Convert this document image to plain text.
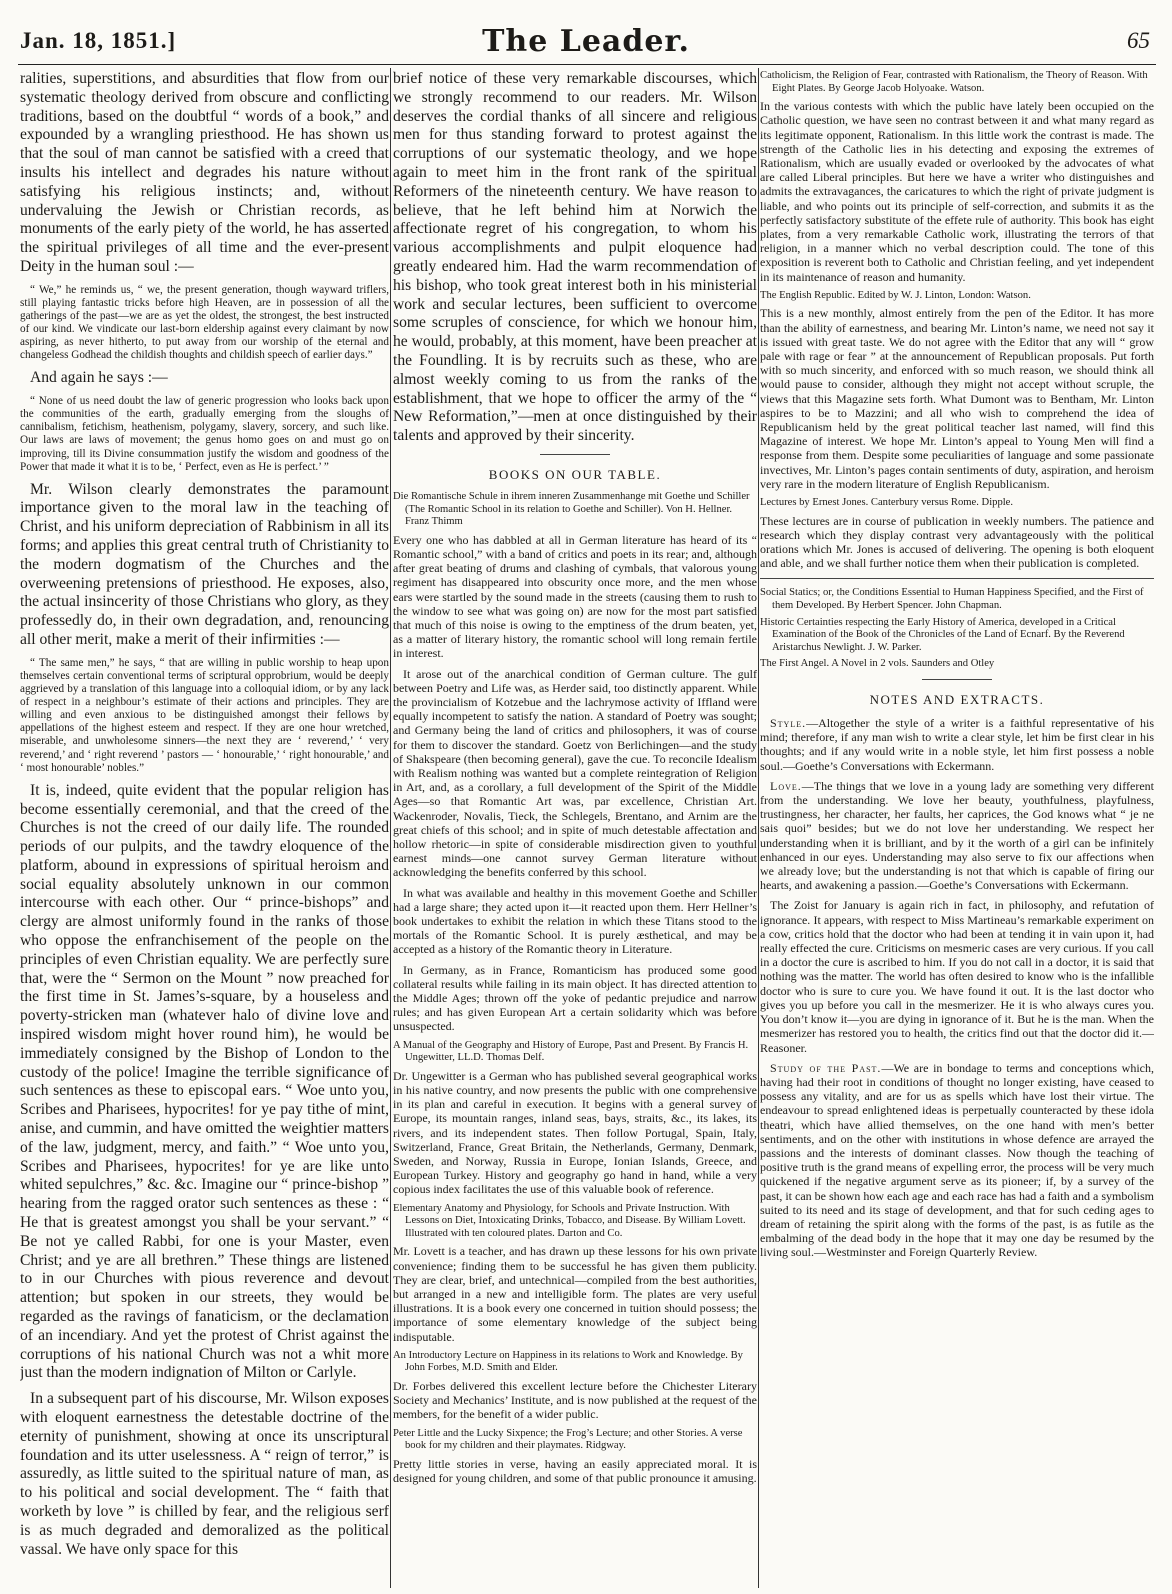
Jan. 18, 1851.]	The Leader.	65

ralities, superstitions, and absurdities that flow from our systematic theology derived from obscure and conflicting traditions, based on the doubtful “ words of a book,” and expounded by a wrangling priesthood. He has shown us that the soul of man cannot be satisfied with a creed that insults his intellect and degrades his nature without satisfying his religious instincts; and, without undervaluing the Jewish or Christian records, as monuments of the early piety of the world, he has asserted the spiritual privileges of all time and the ever-present Deity in the human soul :—

“ We,” he reminds us, “ we, the present generation, though wayward triflers, still playing fantastic tricks before high Heaven, are in possession of all the gatherings of the past—we are as yet the oldest, the strongest, the best instructed of our kind. We vindicate our last-born eldership against every claimant by now aspiring, as never hitherto, to put away from our worship of the eternal and changeless Godhead the childish thoughts and childish speech of earlier days.”

And again he says :—

“ None of us need doubt the law of generic progression who looks back upon the communities of the earth, gradually emerging from the sloughs of cannibalism, fetichism, heathenism, polygamy, slavery, sorcery, and such like. Our laws are laws of movement; the genus homo goes on and must go on improving, till its Divine consummation justify the wisdom and goodness of the Power that made it what it is to be, ‘ Perfect, even as He is perfect.’ ”

Mr. Wilson clearly demonstrates the paramount importance given to the moral law in the teaching of Christ, and his uniform depreciation of Rabbinism in all its forms; and applies this great central truth of Christianity to the modern dogmatism of the Churches and the overweening pretensions of priesthood. He exposes, also, the actual insincerity of those Christians who glory, as they professedly do, in their own degradation, and, renouncing all other merit, make a merit of their infirmities :—

“ The same men,” he says, “ that are willing in public worship to heap upon themselves certain conventional terms of scriptural opprobrium, would be deeply aggrieved by a translation of this language into a colloquial idiom, or by any lack of respect in a neighbour’s estimate of their actions and principles. They are willing and even anxious to be distinguished amongst their fellows by appellations of the highest esteem and respect. If they are one hour wretched, miserable, and unwholesome sinners—the next they are ‘ reverend,’ ‘ very reverend,’ and ‘ right reverend ’ pastors — ‘ honourable,’ ‘ right honourable,’ and ‘ most honourable’ nobles.”

It is, indeed, quite evident that the popular religion has become essentially ceremonial, and that the creed of the Churches is not the creed of our daily life. The rounded periods of our pulpits, and the tawdry eloquence of the platform, abound in expressions of spiritual heroism and social equality absolutely unknown in our common intercourse with each other. Our “ prince-bishops” and clergy are almost uniformly found in the ranks of those who oppose the enfranchisement of the people on the principles of even Christian equality. We are perfectly sure that, were the “ Sermon on the Mount ” now preached for the first time in St. James’s-square, by a houseless and poverty-stricken man (whatever halo of divine love and inspired wisdom might hover round him), he would be immediately consigned by the Bishop of London to the custody of the police! Imagine the terrible significance of such sentences as these to episcopal ears. “ Woe unto you, Scribes and Pharisees, hypocrites! for ye pay tithe of mint, anise, and cummin, and have omitted the weightier matters of the law, judgment, mercy, and faith.” “ Woe unto you, Scribes and Pharisees, hypocrites! for ye are like unto whited sepulchres,” &c. &c. Imagine our “ prince-bishop ” hearing from the ragged orator such sentences as these : “ He that is greatest amongst you shall be your servant.” “ Be not ye called Rabbi, for one is your Master, even Christ; and ye are all brethren.” These things are listened to in our Churches with pious reverence and devout attention; but spoken in our streets, they would be regarded as the ravings of fanaticism, or the declamation of an incendiary. And yet the protest of Christ against the corruptions of his national Church was not a whit more just than the modern indignation of Milton or Carlyle.

In a subsequent part of his discourse, Mr. Wilson exposes with eloquent earnestness the detestable doctrine of the eternity of punishment, showing at once its unscriptural foundation and its utter uselessness. A “ reign of terror,” is assuredly, as little suited to the spiritual nature of man, as to his political and social development. The “ faith that worketh by love ” is chilled by fear, and the religious serf is as much degraded and demoralized as the political vassal. We have only space for this

brief notice of these very remarkable discourses, which we strongly recommend to our readers. Mr. Wilson deserves the cordial thanks of all sincere and religious men for thus standing forward to protest against the corruptions of our systematic theology, and we hope again to meet him in the front rank of the spiritual Reformers of the nineteenth century. We have reason to believe, that he left behind him at Norwich the affectionate regret of his congregation, to whom his various accomplishments and pulpit eloquence had greatly endeared him. Had the warm recommendation of his bishop, who took great interest both in his ministerial work and secular lectures, been sufficient to overcome some scruples of conscience, for which we honour him, he would, probably, at this moment, have been preacher at the Foundling. It is by recruits such as these, who are almost weekly coming to us from the ranks of the establishment, that we hope to officer the army of the “ New Reformation,”—men at once distinguished by their talents and approved by their sincerity.

BOOKS ON OUR TABLE.

Die Romantische Schule in ihrem inneren Zusammenhange mit Goethe und Schiller (The Romantic School in its relation to Goethe and Schiller). Von H. Hellner. Franz Thimm

Every one who has dabbled at all in German literature has heard of its “ Romantic school,” with a band of critics and poets in its rear; and, although after great beating of drums and clashing of cymbals, that valorous young regiment has disappeared into obscurity once more, and the men whose ears were startled by the sound made in the streets (causing them to rush to the window to see what was going on) are now for the most part satisfied that much of this noise is owing to the emptiness of the drum beaten, yet, as a matter of literary history, the romantic school will long remain fertile in interest.

It arose out of the anarchical condition of German culture. The gulf between Poetry and Life was, as Herder said, too distinctly apparent. While the provincialism of Kotzebue and the lachrymose activity of Iffland were equally incompetent to satisfy the nation. A standard of Poetry was sought; and Germany being the land of critics and philosophers, it was of course for them to discover the standard. Goetz von Berlichingen—and the study of Shakspeare (then becoming general), gave the cue. To reconcile Idealism with Realism nothing was wanted but a complete reintegration of Religion in Art, and, as a corollary, a full development of the Spirit of the Middle Ages—so that Romantic Art was, par excellence, Christian Art. Wackenroder, Novalis, Tieck, the Schlegels, Brentano, and Arnim are the great chiefs of this school; and in spite of much detestable affectation and hollow rhetoric—in spite of considerable misdirection given to youthful earnest minds—one cannot survey German literature without acknowledging the benefits conferred by this school.

In what was available and healthy in this movement Goethe and Schiller had a large share; they acted upon it—it reacted upon them. Herr Hellner’s book undertakes to exhibit the relation in which these Titans stood to the mortals of the Romantic School. It is purely æsthetical, and may be accepted as a history of the Romantic theory in Literature.

In Germany, as in France, Romanticism has produced some good collateral results while failing in its main object. It has directed attention to the Middle Ages; thrown off the yoke of pedantic prejudice and narrow rules; and has given European Art a certain solidarity which was before unsuspected.

A Manual of the Geography and History of Europe, Past and Present. By Francis H. Ungewitter, LL.D. Thomas Delf.

Dr. Ungewitter is a German who has published several geographical works in his native country, and now presents the public with one comprehensive in its plan and careful in execution. It begins with a general survey of Europe, its mountain ranges, inland seas, bays, straits, &c., its lakes, its rivers, and its independent states. Then follow Portugal, Spain, Italy, Switzerland, France, Great Britain, the Netherlands, Germany, Denmark, Sweden, and Norway, Russia in Europe, Ionian Islands, Greece, and European Turkey. History and geography go hand in hand, while a very copious index facilitates the use of this valuable book of reference.

Elementary Anatomy and Physiology, for Schools and Private Instruction. With Lessons on Diet, Intoxicating Drinks, Tobacco, and Disease. By William Lovett. Illustrated with ten coloured plates. Darton and Co.

Mr. Lovett is a teacher, and has drawn up these lessons for his own private convenience; finding them to be successful he has given them publicity. They are clear, brief, and untechnical—compiled from the best authorities, but arranged in a new and intelligible form. The plates are very useful illustrations. It is a book every one concerned in tuition should possess; the importance of some elementary knowledge of the subject being indisputable.

An Introductory Lecture on Happiness in its relations to Work and Knowledge. By John Forbes, M.D. Smith and Elder.

Dr. Forbes delivered this excellent lecture before the Chichester Literary Society and Mechanics’ Institute, and is now published at the request of the members, for the benefit of a wider public.

Peter Little and the Lucky Sixpence; the Frog’s Lecture; and other Stories. A verse book for my children and their playmates. Ridgway.

Pretty little stories in verse, having an easily appreciated moral. It is designed for young children, and some of that public pronounce it amusing.

Catholicism, the Religion of Fear, contrasted with Rationalism, the Theory of Reason. With Eight Plates. By George Jacob Holyoake. Watson.

In the various contests with which the public have lately been occupied on the Catholic question, we have seen no contrast between it and what many regard as its legitimate opponent, Rationalism. In this little work the contrast is made. The strength of the Catholic lies in his detecting and exposing the extremes of Rationalism, which are usually evaded or overlooked by the advocates of what are called Liberal principles. But here we have a writer who distinguishes and admits the extravagances, the caricatures to which the right of private judgment is liable, and who points out its principle of self-correction, and submits it as the perfectly satisfactory substitute of the effete rule of authority. This book has eight plates, from a very remarkable Catholic work, illustrating the terrors of that religion, in a manner which no verbal description could. The tone of this exposition is reverent both to Catholic and Christian feeling, and yet independent in its maintenance of reason and humanity.

The English Republic. Edited by W. J. Linton, London: Watson.

This is a new monthly, almost entirely from the pen of the Editor. It has more than the ability of earnestness, and bearing Mr. Linton’s name, we need not say it is issued with great taste. We do not agree with the Editor that any will “ grow pale with rage or fear ” at the announcement of Republican proposals. Put forth with so much sincerity, and enforced with so much reason, we should think all would pause to consider, although they might not accept without scruple, the views that this Magazine sets forth. What Dumont was to Bentham, Mr. Linton aspires to be to Mazzini; and all who wish to comprehend the idea of Republicanism held by the great political teacher last named, will find this Magazine of interest. We hope Mr. Linton’s appeal to Young Men will find a response from them. Despite some peculiarities of language and some passionate invectives, Mr. Linton’s pages contain sentiments of duty, aspiration, and heroism very rare in the modern literature of English Republicanism.

Lectures by Ernest Jones. Canterbury versus Rome. Dipple.

These lectures are in course of publication in weekly numbers. The patience and research which they display contrast very advantageously with the political orations which Mr. Jones is accused of delivering. The opening is both eloquent and able, and we shall further notice them when their publication is completed.

Social Statics; or, the Conditions Essential to Human Happiness Specified, and the First of them Developed. By Herbert Spencer. John Chapman.

Historic Certainties respecting the Early History of America, developed in a Critical Examination of the Book of the Chronicles of the Land of Ecnarf. By the Reverend Aristarchus Newlight. J. W. Parker.

The First Angel. A Novel in 2 vols. Saunders and Otley

NOTES AND EXTRACTS.

Style.—Altogether the style of a writer is a faithful representative of his mind; therefore, if any man wish to write a clear style, let him be first clear in his thoughts; and if any would write in a noble style, let him first possess a noble soul.—Goethe’s Conversations with Eckermann.

Love.—The things that we love in a young lady are something very different from the understanding. We love her beauty, youthfulness, playfulness, trustingness, her character, her faults, her caprices, the God knows what “ je ne sais quoi” besides; but we do not love her understanding. We respect her understanding when it is brilliant, and by it the worth of a girl can be infinitely enhanced in our eyes. Understanding may also serve to fix our affections when we already love; but the understanding is not that which is capable of firing our hearts, and awakening a passion.—Goethe’s Conversations with Eckermann.

The Zoist for January is again rich in fact, in philosophy, and refutation of ignorance. It appears, with respect to Miss Martineau’s remarkable experiment on a cow, critics hold that the doctor who had been at tending it in vain upon it, had really effected the cure. Criticisms on mesmeric cases are very curious. If you call in a doctor the cure is ascribed to him. If you do not call in a doctor, it is said that nothing was the matter. The world has often desired to know who is the infallible doctor who is sure to cure you. We have found it out. It is the last doctor who gives you up before you call in the mesmerizer. He it is who always cures you. You don’t know it—you are dying in ignorance of it. But he is the man. When the mesmerizer has restored you to health, the critics find out that the doctor did it.—Reasoner.

Study of the Past.—We are in bondage to terms and conceptions which, having had their root in conditions of thought no longer existing, have ceased to possess any vitality, and are for us as spells which have lost their virtue. The endeavour to spread enlightened ideas is perpetually counteracted by these idola theatri, which have allied themselves, on the one hand with men’s better sentiments, and on the other with institutions in whose defence are arrayed the passions and the interests of dominant classes. Now though the teaching of positive truth is the grand means of expelling error, the process will be very much quickened if the negative argument serve as its pioneer; if, by a survey of the past, it can be shown how each age and each race has had a faith and a symbolism suited to its need and its stage of development, and that for such ceding ages to dream of retaining the spirit along with the forms of the past, is as futile as the embalming of the dead body in the hope that it may one day be resumed by the living soul.—Westminster and Foreign Quarterly Review.
